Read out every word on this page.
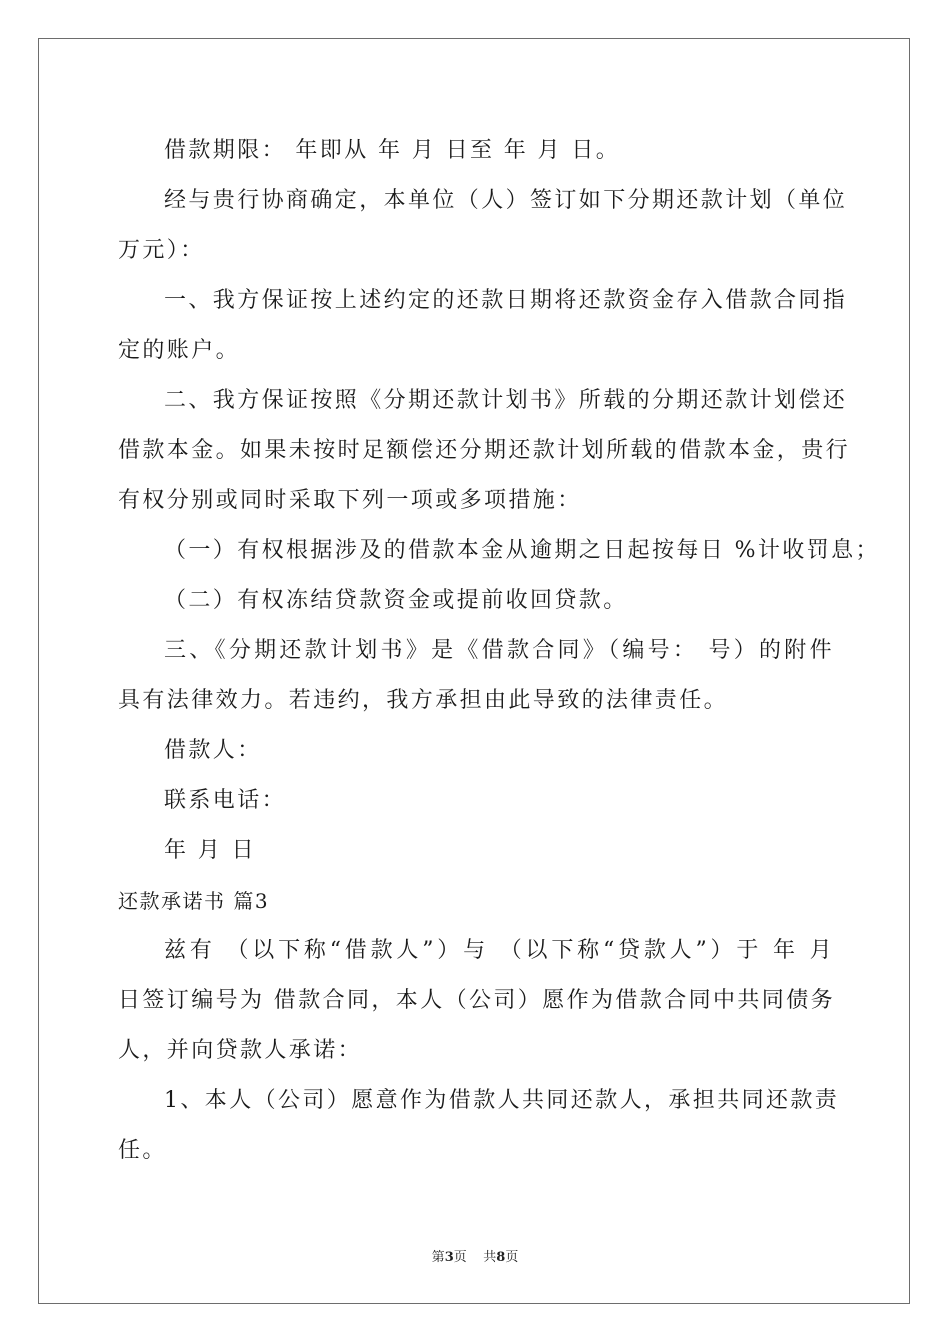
借款期限： 年即从 年 月 日至 年 月 日。
经与贵行协商确定，本单位（人）签订如下分期还款计划（单位
万元）：
一、我方保证按上述约定的还款日期将还款资金存入借款合同指
定的账户。
二、我方保证按照《分期还款计划书》所载的分期还款计划偿还
借款本金。如果未按时足额偿还分期还款计划所载的借款本金，贵行
有权分别或同时采取下列一项或多项措施：
（一）有权根据涉及的借款本金从逾期之日起按每日 %计收罚息；
（二）有权冻结贷款资金或提前收回贷款。
三、《分期还款计划书》是《借款合同》（编号： 号）的附件
具有法律效力。若违约，我方承担由此导致的法律责任。
借款人：
联系电话：
年 月 日
还款承诺书 篇3
兹有 （以下称“借款人”）与 （以下称“贷款人”）于 年 月
日签订编号为 借款合同，本人（公司）愿作为借款合同中共同债务
人，并向贷款人承诺：
1、本人（公司）愿意作为借款人共同还款人，承担共同还款责
任。
第3页    共8页
